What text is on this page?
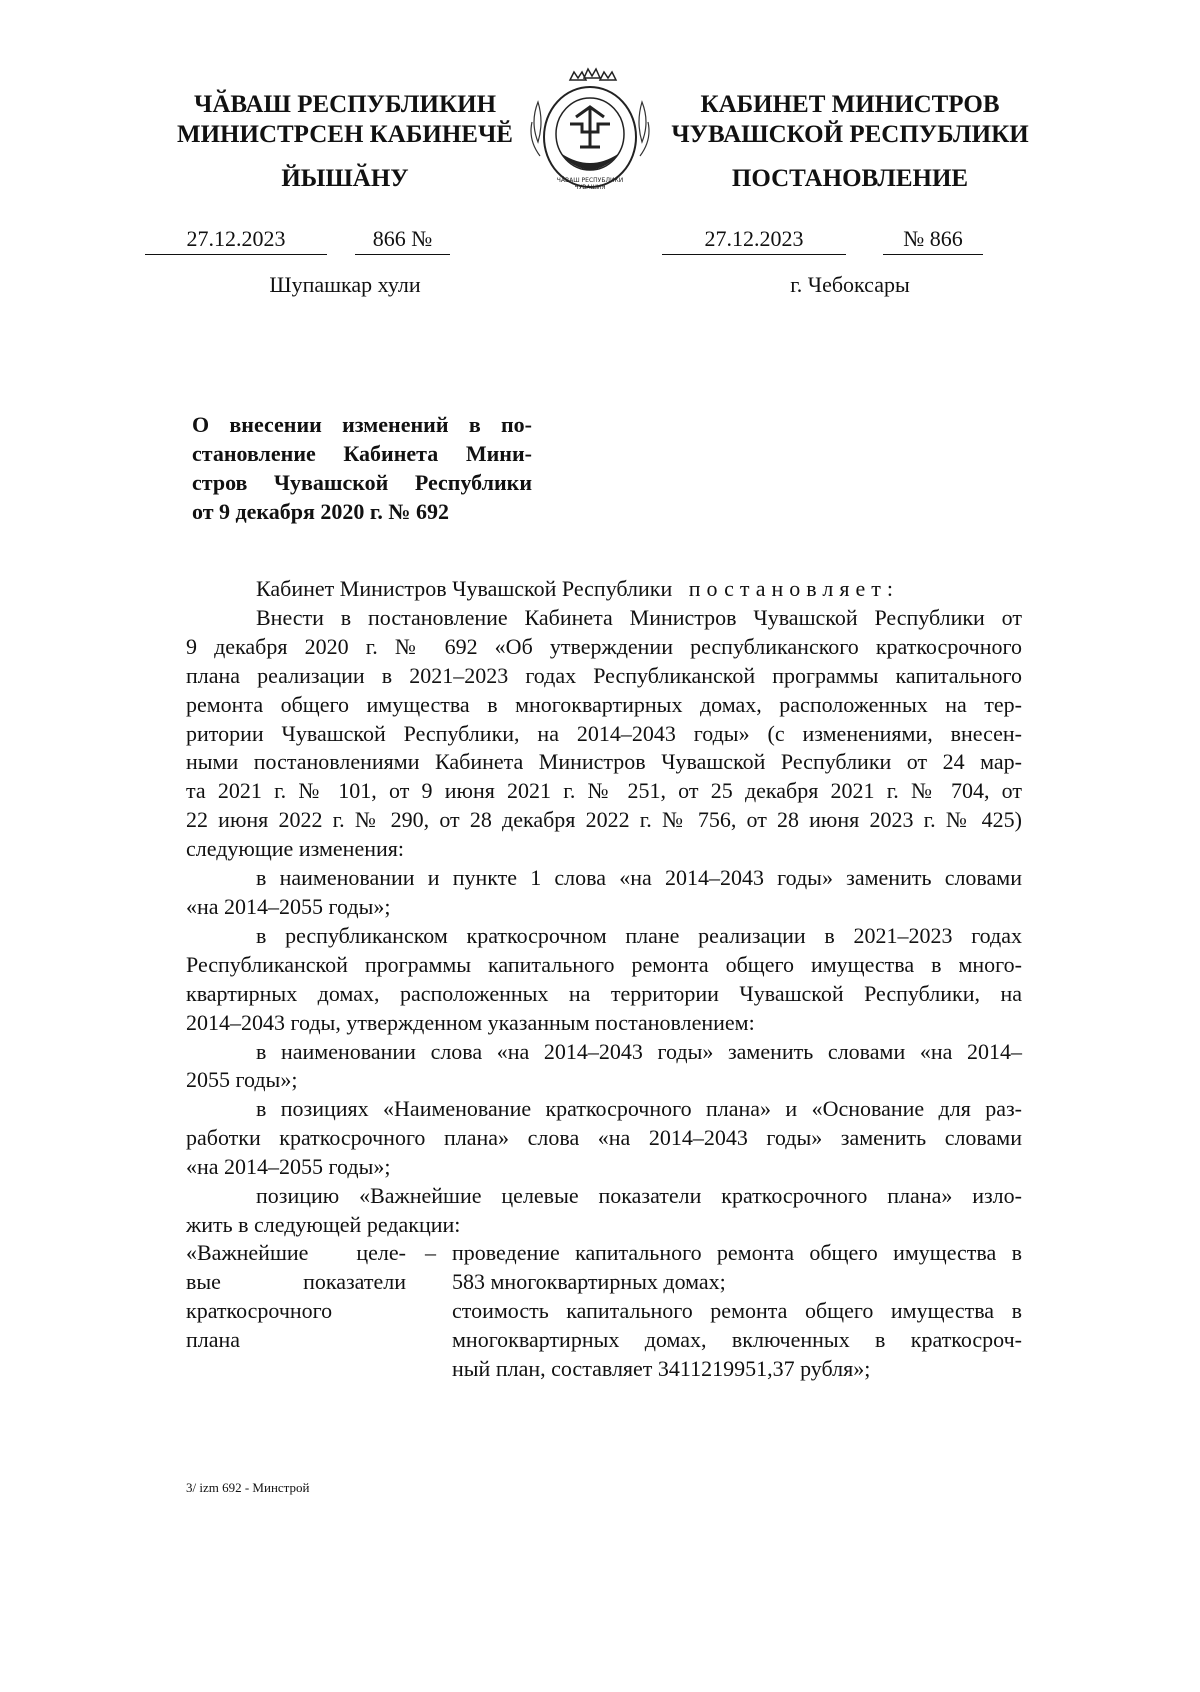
ЧӐВАШ РЕСПУБЛИКИН
МИНИСТРСЕН КАБИНЕЧӖ
ЙЫШӐНУ	ЧĂВАШ РЕСПУБЛИКИ
ЧУВАШИЯ
КАБИНЕТ МИНИСТРОВ
ЧУВАШСКОЙ РЕСПУБЛИКИ
ПОСТАНОВЛЕНИЕ
27.12.2023	866 №	27.12.2023	№ 866
Шупашкар хули	г. Чебоксары
О внесении изменений в по-
становление Кабинета Мини-
стров Чувашской Республики
от 9 декабря 2020 г. № 692
Кабинет Министров Чувашской Республики постановляет:
Внести в постановление Кабинета Министров Чувашской Республики от
9 декабря 2020 г. № 692 «Об утверждении республиканского краткосрочного
плана реализации в 2021–2023 годах Республиканской программы капитального
ремонта общего имущества в многоквартирных домах, расположенных на тер-
ритории Чувашской Республики, на 2014–2043 годы» (с изменениями, внесен-
ными постановлениями Кабинета Министров Чувашской Республики от 24 мар-
та 2021 г. № 101, от 9 июня 2021 г. № 251, от 25 декабря 2021 г. № 704, от
22 июня 2022 г. № 290, от 28 декабря 2022 г. № 756, от 28 июня 2023 г. № 425)
следующие изменения:
в наименовании и пункте 1 слова «на 2014–2043 годы» заменить словами
«на 2014–2055 годы»;
в республиканском краткосрочном плане реализации в 2021–2023 годах
Республиканской программы капитального ремонта общего имущества в много-
квартирных домах, расположенных на территории Чувашской Республики, на
2014–2043 годы, утвержденном указанным постановлением:
в наименовании слова «на 2014–2043 годы» заменить словами «на 2014–
2055 годы»;
в позициях «Наименование краткосрочного плана» и «Основание для раз-
работки краткосрочного плана» слова «на 2014–2043 годы» заменить словами
«на 2014–2055 годы»;
позицию «Важнейшие целевые показатели краткосрочного плана» изло-
жить в следующей редакции:
«Важнейшие целе-
вые показатели
краткосрочного
плана
– проведение капитального ремонта общего имущества в
583 многоквартирных домах;
стоимость капитального ремонта общего имущества в
многоквартирных домах, включенных в краткосроч-
ный план, составляет 3411219951,37 рубля»;
3/ izm 692 - Минстрой
